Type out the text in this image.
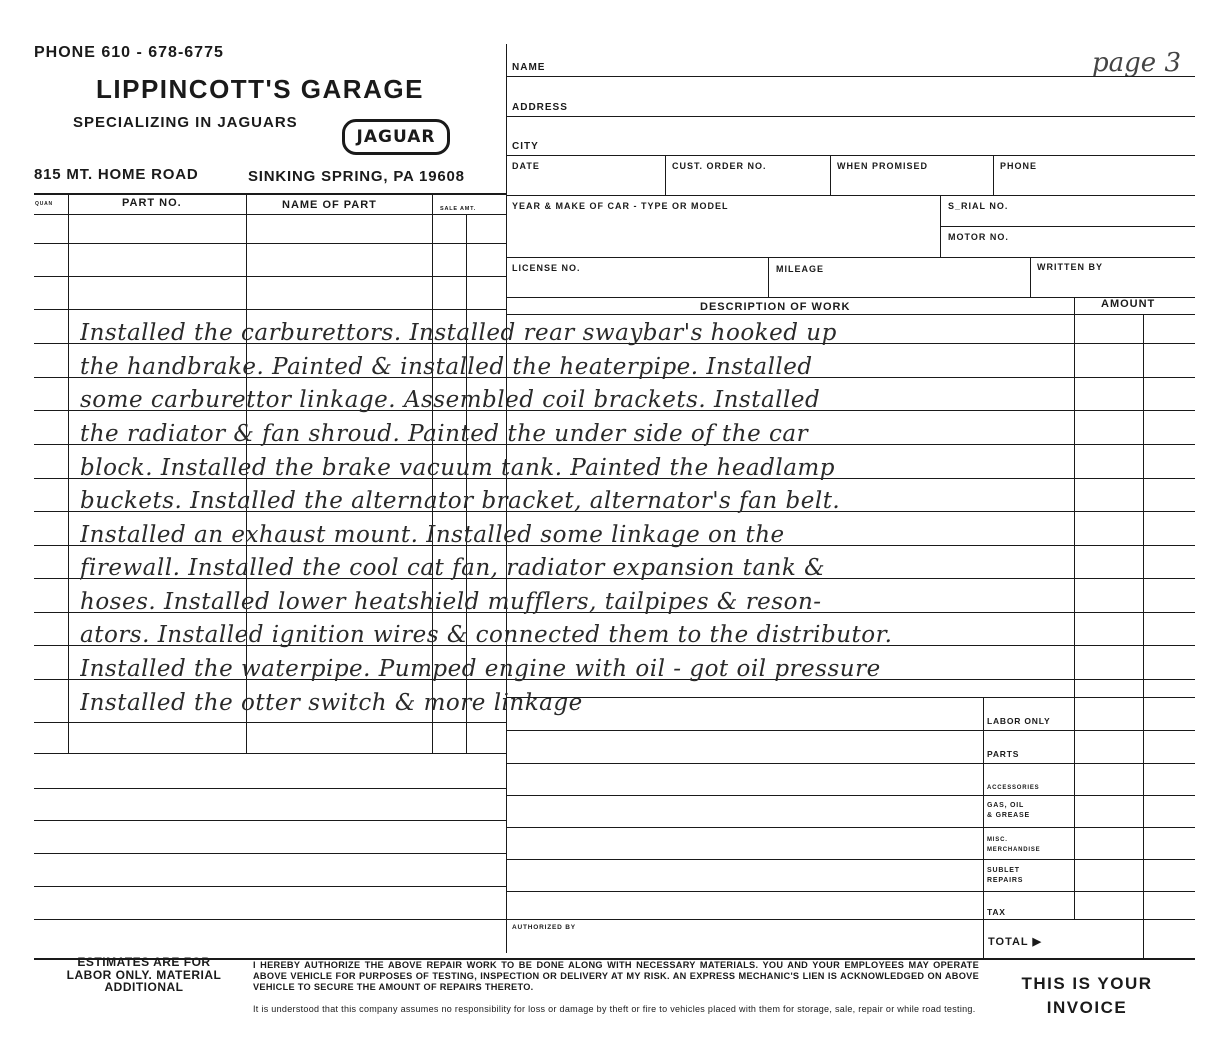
PHONE 610 - 678-6775
LIPPINCOTT'S GARAGE
SPECIALIZING IN JAGUARS
JAGUAR
815 MT. HOME ROAD	SINKING SPRING, PA 19608
page 3
NAME
ADDRESS
CITY
DATE	CUST. ORDER NO.	WHEN PROMISED	PHONE
YEAR & MAKE OF CAR - TYPE OR MODEL	S_RIAL NO.
MOTOR NO.
LICENSE NO.	MILEAGE	WRITTEN BY
QUAN	PART NO.	NAME OF PART	SALE AMT.
DESCRIPTION OF WORK	AMOUNT
Installed the carburettors. Installed rear swaybar's hooked up
the handbrake. Painted & installed the heaterpipe. Installed
some carburettor linkage. Assembled coil brackets. Installed
the radiator & fan shroud. Painted the under side of the car
block. Installed the brake vacuum tank. Painted the headlamp
buckets. Installed the alternator bracket, alternator's fan belt.
Installed an exhaust mount. Installed some linkage on the
firewall. Installed the cool cat fan, radiator expansion tank &
hoses. Installed lower heatshield mufflers, tailpipes & reson-
ators. Installed ignition wires & connected them to the distributor.
Installed the waterpipe. Pumped engine with oil - got oil pressure
Installed the otter switch & more linkage
LABOR ONLY
PARTS
ACCESSORIES
GAS, OIL
& GREASE
MISC.
MERCHANDISE
SUBLET
REPAIRS
TAX
TOTAL ▶
AUTHORIZED BY
ESTIMATES ARE FOR
LABOR ONLY. MATERIAL
ADDITIONAL
I HEREBY AUTHORIZE THE ABOVE REPAIR WORK TO BE DONE ALONG WITH NECESSARY MATERIALS. YOU AND YOUR EMPLOYEES MAY OPERATE ABOVE VEHICLE FOR PURPOSES OF TESTING, INSPECTION OR DELIVERY AT MY RISK. AN EXPRESS MECHANIC'S LIEN IS ACKNOWLEDGED ON ABOVE VEHICLE TO SECURE THE AMOUNT OF REPAIRS THERETO.
It is understood that this company assumes no responsibility for loss or damage by theft or fire to vehicles placed with them for storage, sale, repair or while road testing.
THIS IS YOUR
INVOICE
